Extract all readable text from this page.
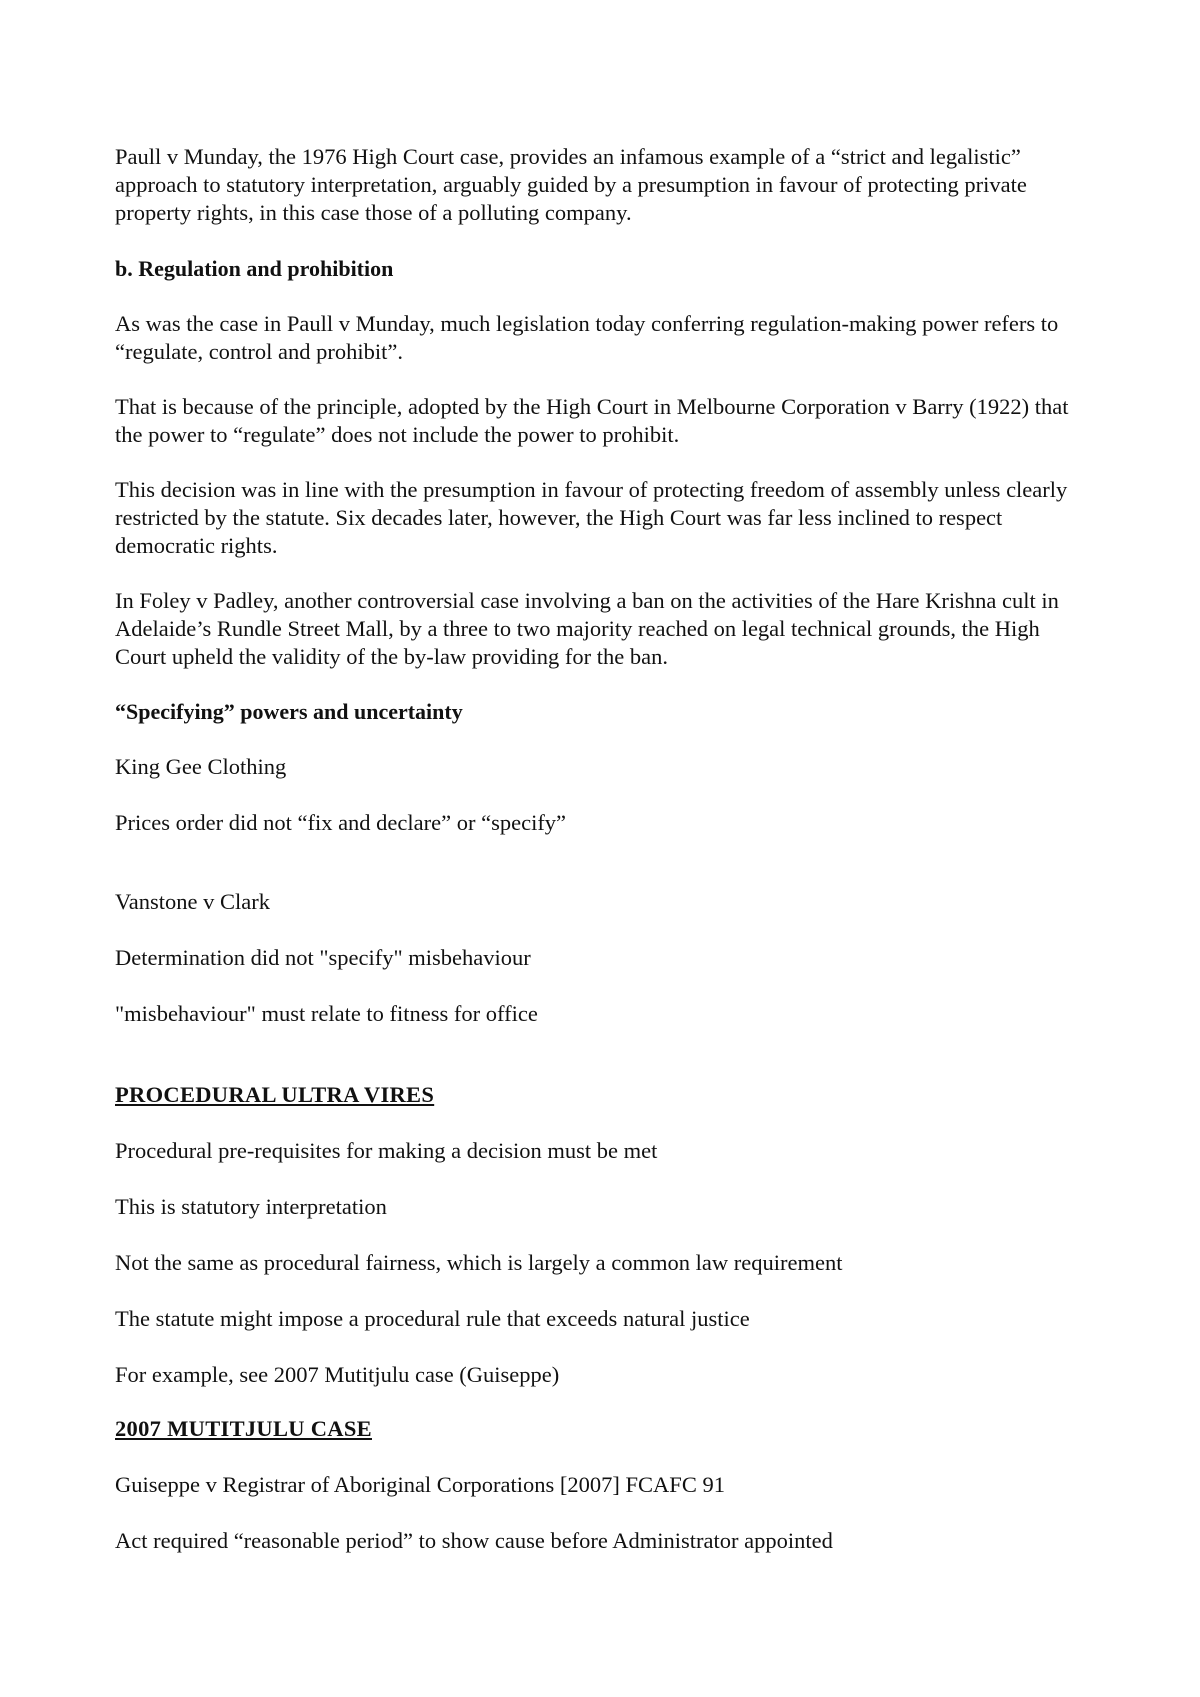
Paull v Munday, the 1976 High Court case, provides an infamous example of a “strict and legalistic” approach to statutory interpretation, arguably guided by a presumption in favour of protecting private property rights, in this case those of a polluting company.

b. Regulation and prohibition

As was the case in Paull v Munday, much legislation today conferring regulation-making power refers to “regulate, control and prohibit”.

That is because of the principle, adopted by the High Court in Melbourne Corporation v Barry (1922) that the power to “regulate” does not include the power to prohibit.

This decision was in line with the presumption in favour of protecting freedom of assembly unless clearly restricted by the statute. Six decades later, however, the High Court was far less inclined to respect democratic rights.

In Foley v Padley, another controversial case involving a ban on the activities of the Hare Krishna cult in Adelaide’s Rundle Street Mall, by a three to two majority reached on legal technical grounds, the High Court upheld the validity of the by-law providing for the ban.

“Specifying” powers and uncertainty

King Gee Clothing

Prices order did not “fix and declare” or “specify”

Vanstone v Clark

Determination did not "specify" misbehaviour

"misbehaviour" must relate to fitness for office

PROCEDURAL ULTRA VIRES

Procedural pre-requisites for making a decision must be met

This is statutory interpretation

Not the same as procedural fairness, which is largely a common law requirement

The statute might impose a procedural rule that exceeds natural justice

For example, see 2007 Mutitjulu case (Guiseppe)

2007 MUTITJULU CASE

Guiseppe v Registrar of Aboriginal Corporations [2007] FCAFC 91

Act required “reasonable period” to show cause before Administrator appointed
